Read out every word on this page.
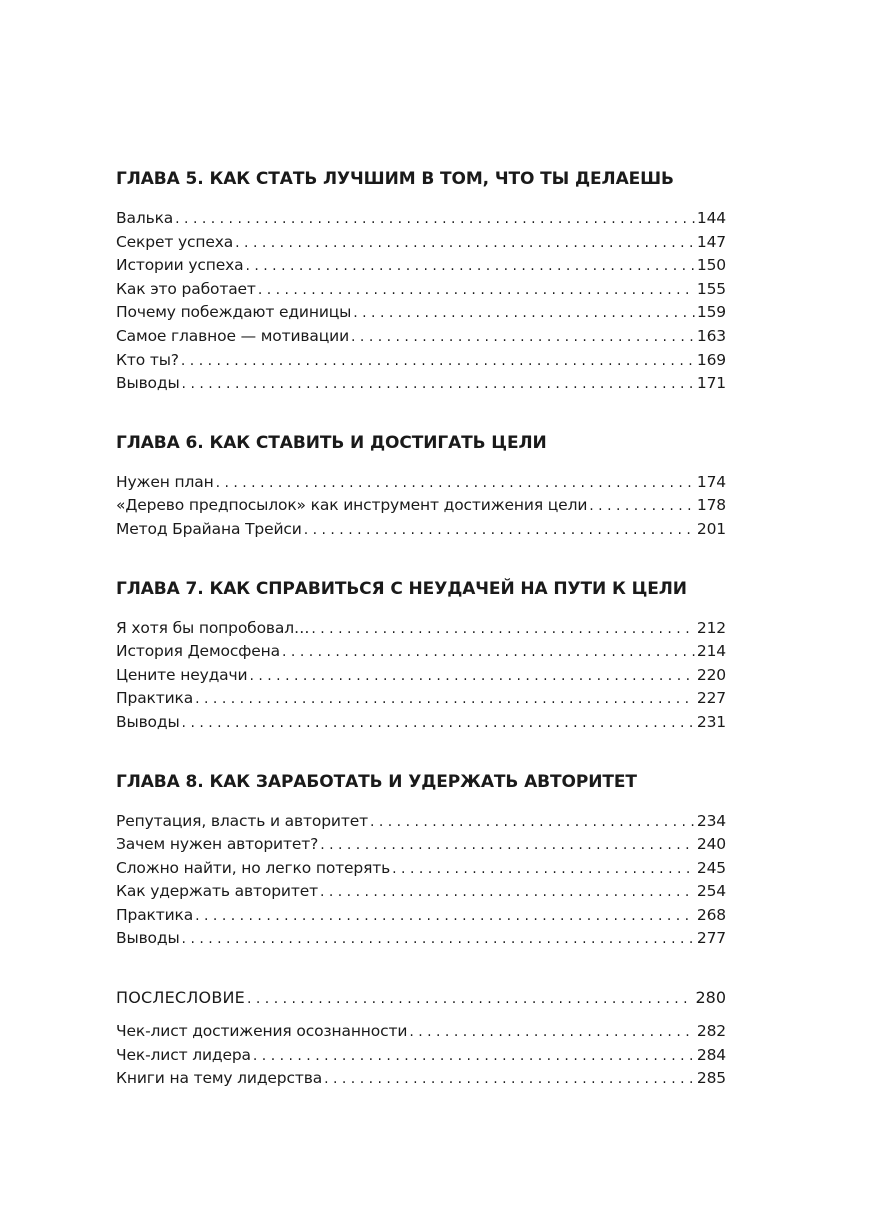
ГЛАВА 5. КАК СТАТЬ ЛУЧШИМ В ТОМ, ЧТО ТЫ ДЕЛАЕШЬ
Валька . . .	144
Секрет успеха . . .	147
Истории успеха . . .	150
Как это работает . . .	155
Почему побеждают единицы . . .	159
Самое главное — мотивации . . .	163
Кто ты? . . .	169
Выводы . . .	171
ГЛАВА 6. КАК СТАВИТЬ И ДОСТИГАТЬ ЦЕЛИ
Нужен план . . .	174
«Дерево предпосылок» как инструмент достижения цели . . .	178
Метод Брайана Трейси . . .	201
ГЛАВА 7. КАК СПРАВИТЬСЯ С НЕУДАЧЕЙ НА ПУТИ К ЦЕЛИ
Я хотя бы попробовал… . . .	212
История Демосфена . . .	214
Цените неудачи . . .	220
Практика . . .	227
Выводы . . .	231
ГЛАВА 8. КАК ЗАРАБОТАТЬ И УДЕРЖАТЬ АВТОРИТЕТ
Репутация, власть и авторитет . . .	234
Зачем нужен авторитет? . . .	240
Сложно найти, но легко потерять . . .	245
Как удержать авторитет . . .	254
Практика . . .	268
Выводы . . .	277
ПОСЛЕСЛОВИЕ . . .	280
Чек-лист достижения осознанности . . .	282
Чек-лист лидера . . .	284
Книги на тему лидерства . . .	285
